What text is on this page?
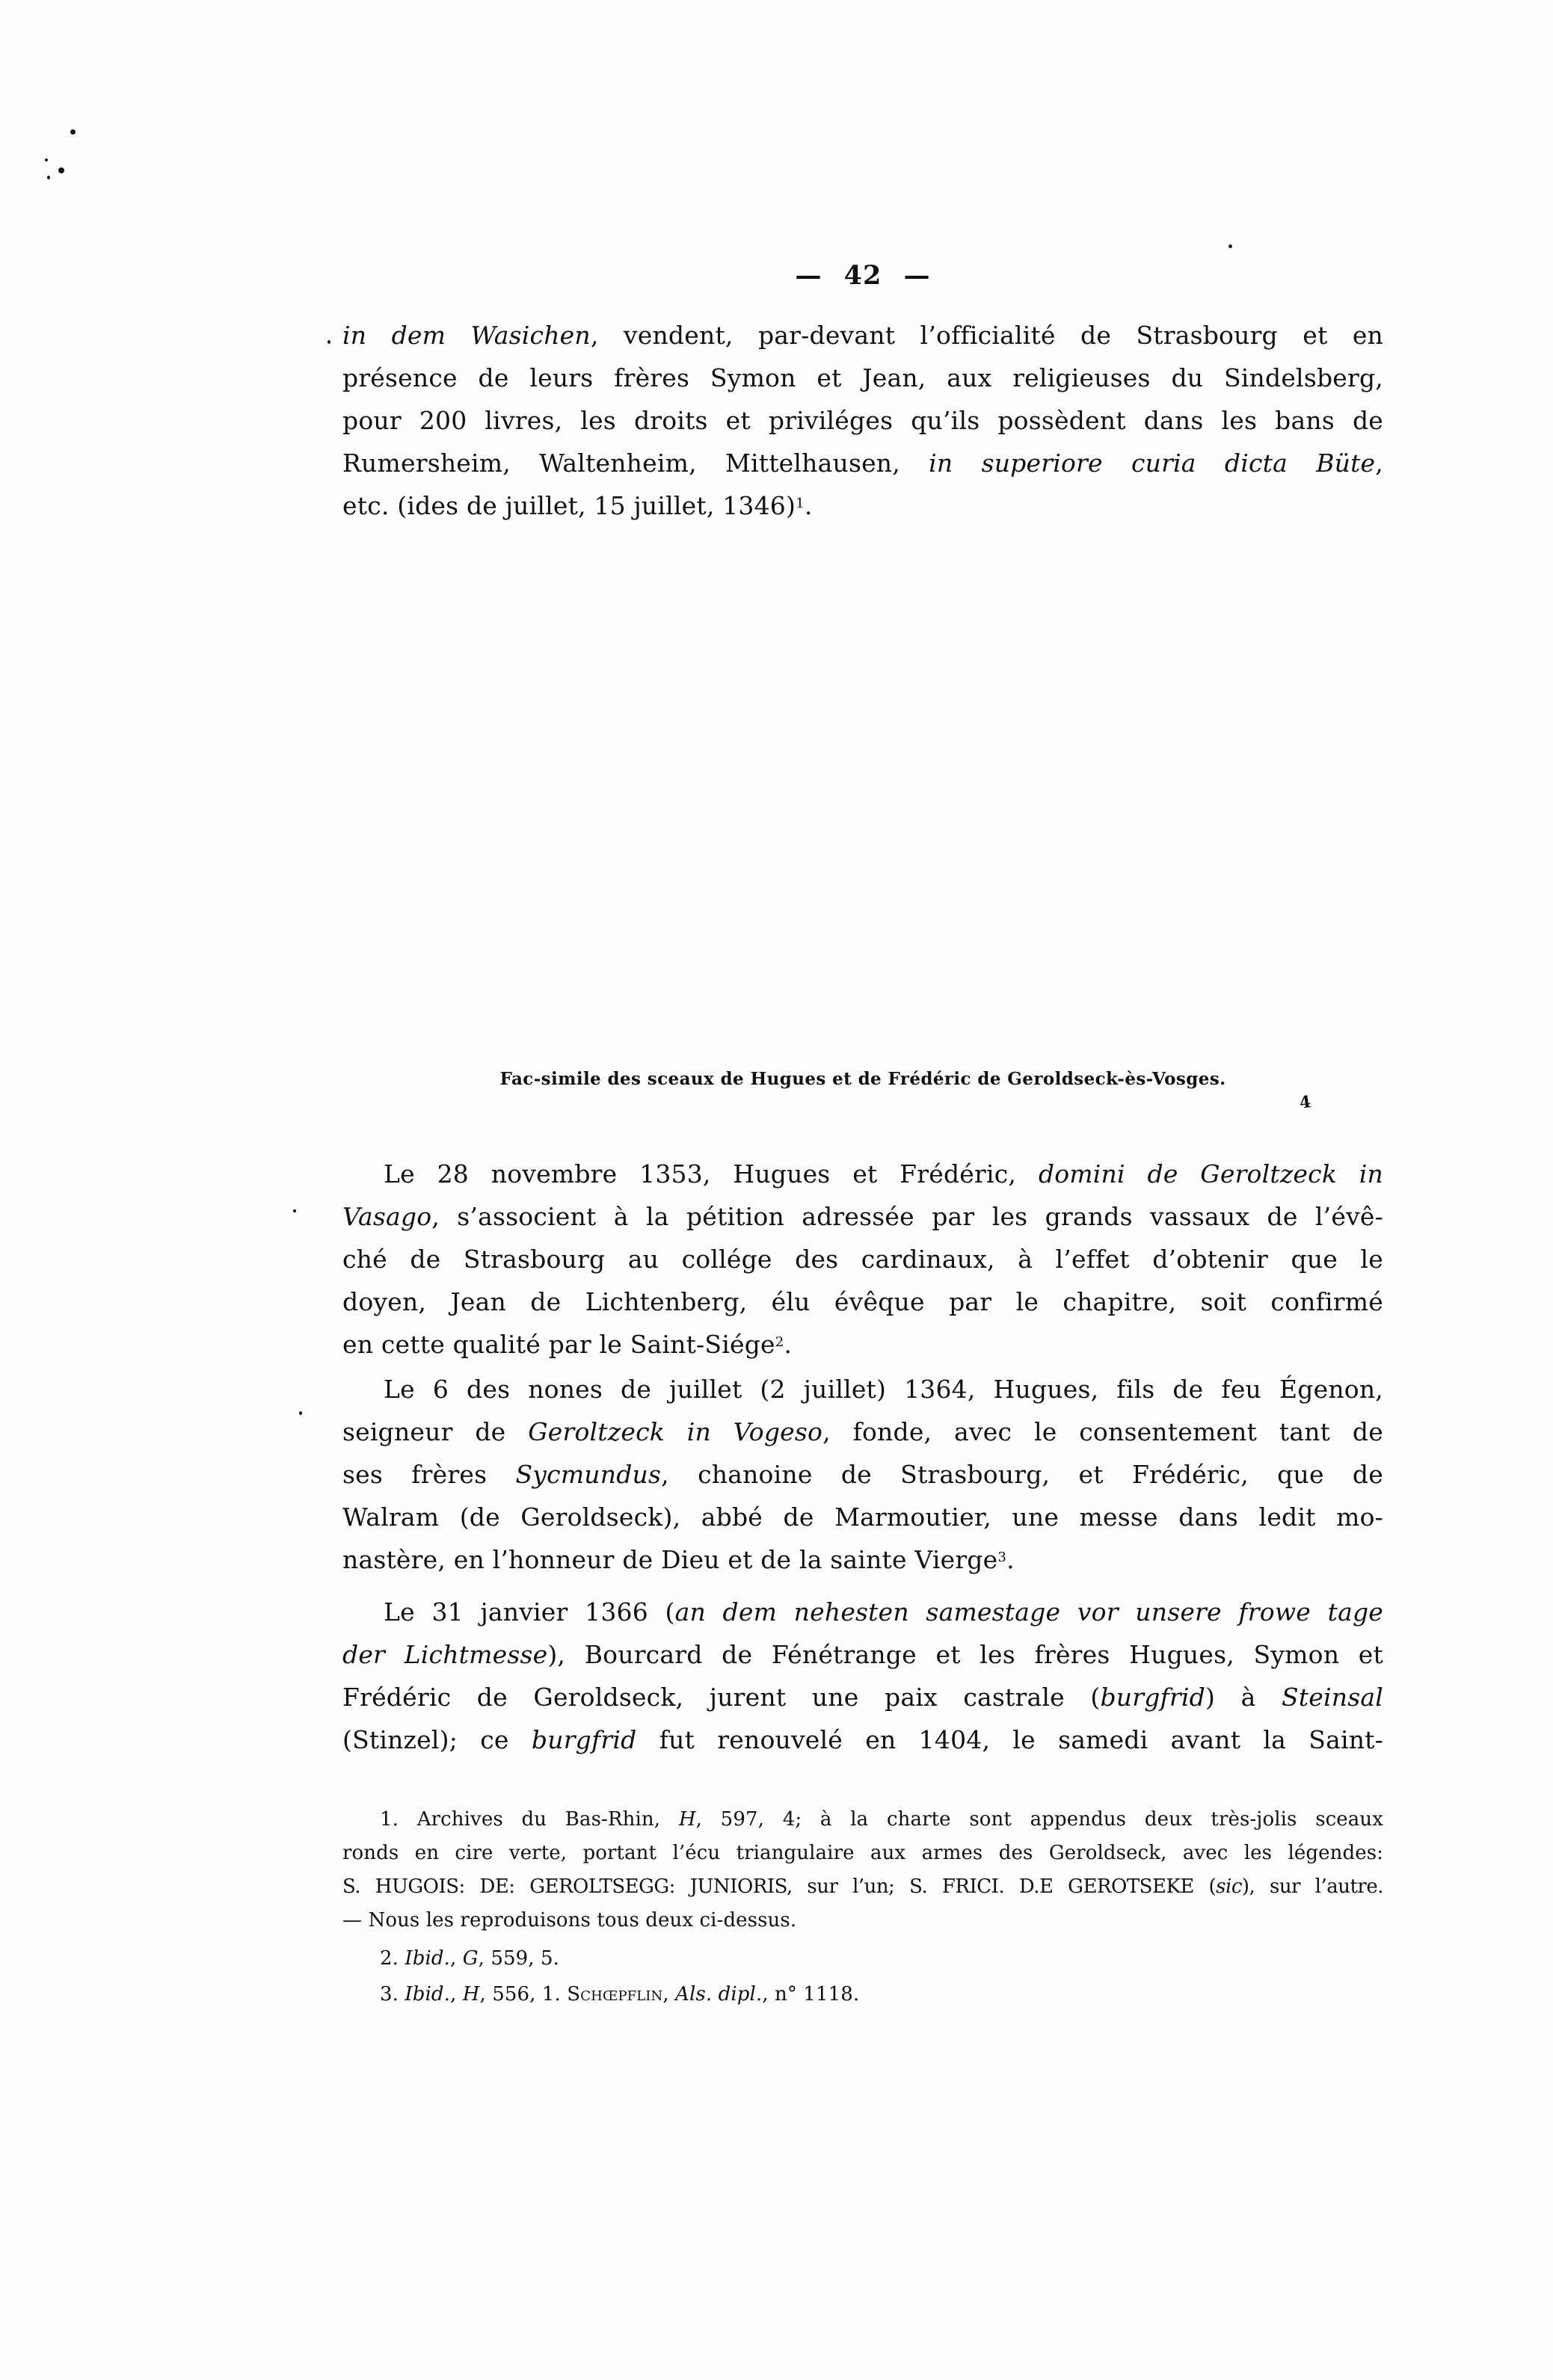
— 42 —
in dem Wasichen, vendent, par-devant l’officialité de Strasbourg et en
présence de leurs frères Symon et Jean, aux religieuses du Sindelsberg,
pour 200 livres, les droits et priviléges qu’ils possèdent dans les bans de
Rumersheim, Waltenheim, Mittelhausen, in superiore curia dicta Büte,
etc. (ides de juillet, 15 juillet, 1346)$^1$.
Fac-simile des sceaux de Hugues et de Frédéric de Geroldseck-ès-Vosges.
4
Le 28 novembre 1353, Hugues et Frédéric, domini de Geroltzeck in
Vasago, s’associent à la pétition adressée par les grands vassaux de l’évê-
ché de Strasbourg au collége des cardinaux, à l’effet d’obtenir que le
doyen, Jean de Lichtenberg, élu évêque par le chapitre, soit confirmé
en cette qualité par le Saint-Siége$^2$.
Le 6 des nones de juillet (2 juillet) 1364, Hugues, fils de feu Égenon,
seigneur de Geroltzeck in Vogeso, fonde, avec le consentement tant de
ses frères Sycmundus, chanoine de Strasbourg, et Frédéric, que de
Walram (de Geroldseck), abbé de Marmoutier, une messe dans ledit mo-
nastère, en l’honneur de Dieu et de la sainte Vierge$^3$.
Le 31 janvier 1366 (an dem nehesten samestage vor unsere frowe tage
der Lichtmesse), Bourcard de Fénétrange et les frères Hugues, Symon et
Frédéric de Geroldseck, jurent une paix castrale (burgfrid) à Steinsal
(Stinzel); ce burgfrid fut renouvelé en 1404, le samedi avant la Saint-
1. Archives du Bas-Rhin, H, 597, 4; à la charte sont appendus deux très-jolis sceaux
ronds en cire verte, portant l’écu triangulaire aux armes des Geroldseck, avec les légendes:
S. HUGOIS: DE: GEROLTSEGG: JUNIORIS, sur l’un; S. FRICI. D.E GEROTSEKE (sic), sur l’autre.
— Nous les reproduisons tous deux ci-dessus.
2. Ibid., G, 559, 5.
3. Ibid., H, 556, 1. Schœpflin, Als. dipl., n° 1118.
